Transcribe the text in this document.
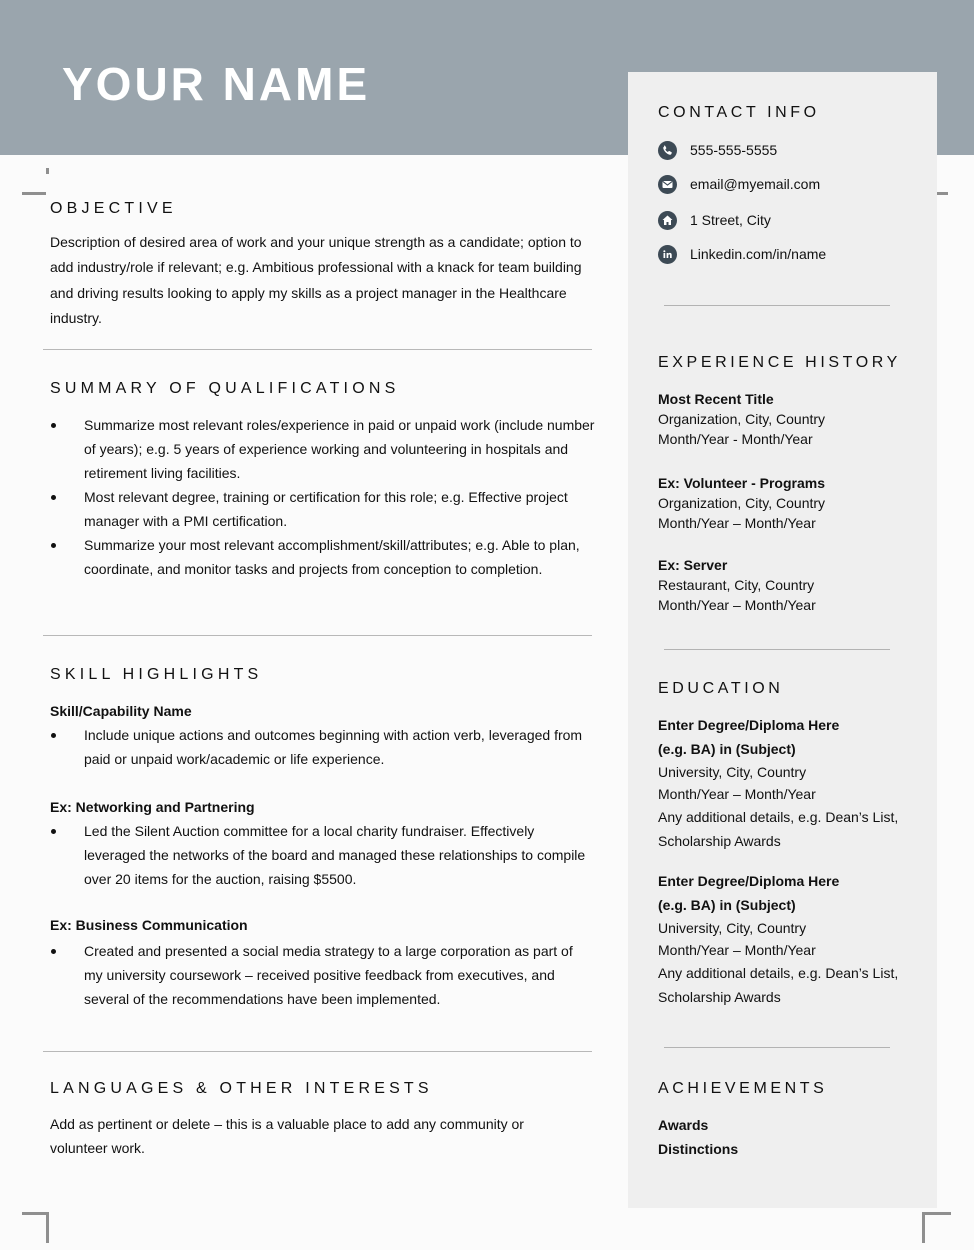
YOUR NAME
OBJECTIVE
Description of desired area of work and your unique strength as a candidate; option to add industry/role if relevant; e.g. Ambitious professional with a knack for team building and driving results looking to apply my skills as a project manager in the Healthcare industry.
SUMMARY OF QUALIFICATIONS
Summarize most relevant roles/experience in paid or unpaid work (include number of years); e.g. 5 years of experience working and volunteering in hospitals and retirement living facilities.
Most relevant degree, training or certification for this role; e.g. Effective project manager with a PMI certification.
Summarize your most relevant accomplishment/skill/attributes; e.g. Able to plan, coordinate, and monitor tasks and projects from conception to completion.
SKILL HIGHLIGHTS
Skill/Capability Name
Include unique actions and outcomes beginning with action verb, leveraged from paid or unpaid work/academic or life experience.
Ex: Networking and Partnering
Led the Silent Auction committee for a local charity fundraiser. Effectively leveraged the networks of the board and managed these relationships to compile over 20 items for the auction, raising $5500.
Ex: Business Communication
Created and presented a social media strategy to a large corporation as part of my university coursework – received positive feedback from executives, and several of the recommendations have been implemented.
LANGUAGES & OTHER INTERESTS
Add as pertinent or delete – this is a valuable place to add any community or volunteer work.
CONTACT INFO
555-555-5555
email@myemail.com
1 Street, City
Linkedin.com/in/name
EXPERIENCE HISTORY
Most Recent Title
Organization, City, Country
Month/Year - Month/Year
Ex: Volunteer - Programs
Organization, City, Country
Month/Year – Month/Year
Ex: Server
Restaurant, City, Country
Month/Year – Month/Year
EDUCATION
Enter Degree/Diploma Here
(e.g. BA) in (Subject)
University, City, Country
Month/Year – Month/Year
Any additional details, e.g. Dean’s List,
Scholarship Awards
Enter Degree/Diploma Here
(e.g. BA) in (Subject)
University, City, Country
Month/Year – Month/Year
Any additional details, e.g. Dean’s List,
Scholarship Awards
ACHIEVEMENTS
Awards
Distinctions
